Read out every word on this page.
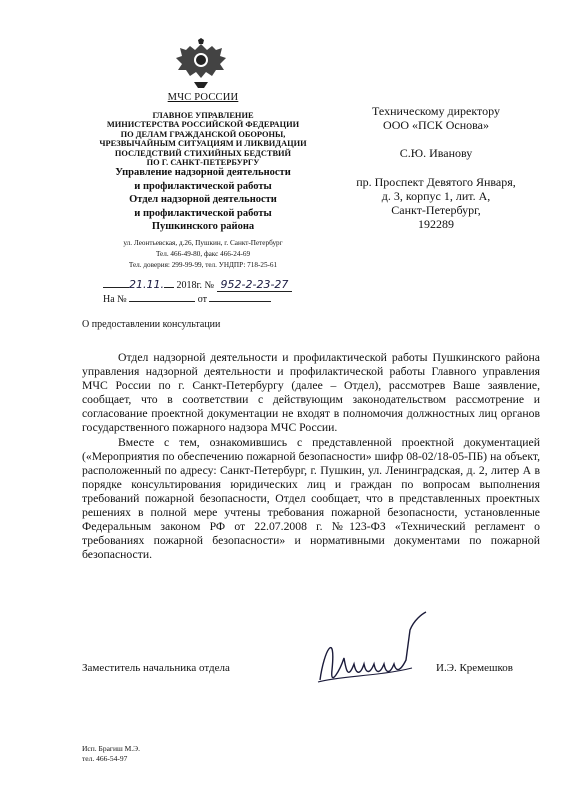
МЧС РОССИИ
ГЛАВНОЕ УПРАВЛЕНИЕ
МИНИСТЕРСТВА РОССИЙСКОЙ ФЕДЕРАЦИИ
ПО ДЕЛАМ ГРАЖДАНСКОЙ ОБОРОНЫ,
ЧРЕЗВЫЧАЙНЫМ СИТУАЦИЯМ И ЛИКВИДАЦИИ
ПОСЛЕДСТВИЙ СТИХИЙНЫХ БЕДСТВИЙ
ПО Г. САНКТ-ПЕТЕРБУРГУ
Управление надзорной деятельности
и профилактической работы
Отдел надзорной деятельности
и профилактической работы
Пушкинского района
ул. Леонтьевская, д.26, Пушкин, г. Санкт-Петербург
Тел. 466-49-80, факс 466-24-69
Тел. доверия: 299-99-99, тел. УНДПР: 718-25-61
21.11. 2018г. № 952-2-23-27
На №	от
Техническому директору
ООО «ПСК Основа»
С.Ю. Иванову
пр. Проспект Девятого Января,
д. 3, корпус 1, лит. А,
Санкт-Петербург,
192289
О предоставлении консультации

Отдел надзорной деятельности и профилактической работы Пушкинского района управления надзорной деятельности и профилактической работы Главного управления МЧС России по г. Санкт-Петербургу (далее – Отдел), рассмотрев Ваше заявление, сообщает, что в соответствии с действующим законодательством рассмотрение и согласование проектной документации не входят в полномочия должностных лиц органов государственного пожарного надзора МЧС России.

Вместе с тем, ознакомившись с представленной проектной документацией («Мероприятия по обеспечению пожарной безопасности» шифр 08-02/18-05-ПБ) на объект, расположенный по адресу: Санкт-Петербург, г. Пушкин, ул. Ленинградская, д. 2, литер А в порядке консультирования юридических лиц и граждан по вопросам выполнения требований пожарной безопасности, Отдел сообщает, что в представленных проектных решениях в полной мере учтены требования пожарной безопасности, установленные Федеральным законом РФ от 22.07.2008 г. №123-ФЗ «Технический регламент о требованиях пожарной безопасности» и нормативными документами по пожарной безопасности.

Заместитель начальника отдела	И.Э. Кремешков
Исп. Брагиш М.Э.
тел. 466-54-97
